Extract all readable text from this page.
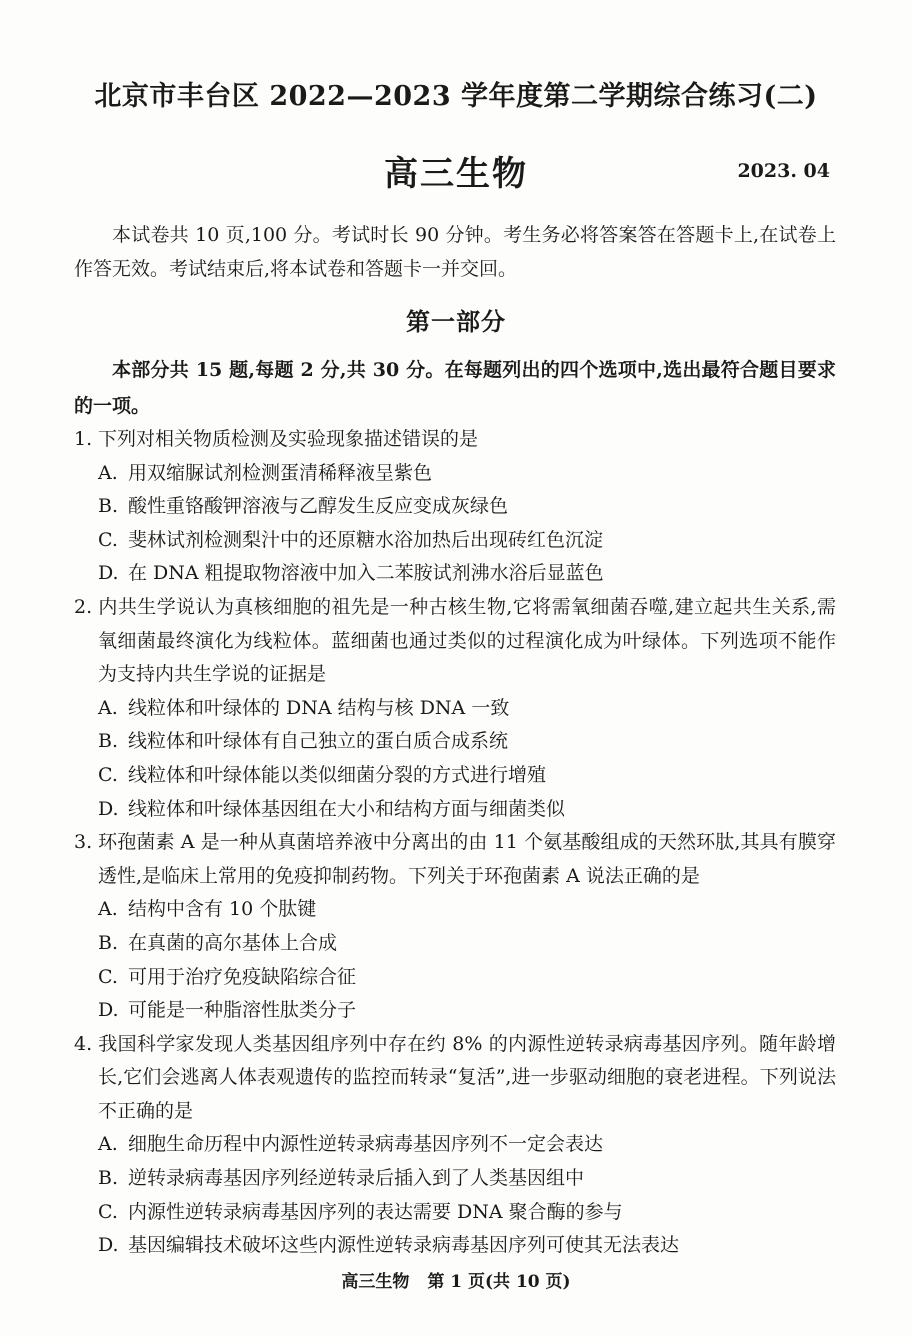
北京市丰台区 2022—2023 学年度第二学期综合练习(二)
高三生物	2023. 04
本试卷共 10 页,100 分。考试时长 90 分钟。考生务必将答案答在答题卡上,在试卷上作答无效。考试结束后,将本试卷和答题卡一并交回。
第一部分
本部分共 15 题,每题 2 分,共 30 分。在每题列出的四个选项中,选出最符合题目要求的一项。
1. 下列对相关物质检测及实验现象描述错误的是
A. 用双缩脲试剂检测蛋清稀释液呈紫色
B. 酸性重铬酸钾溶液与乙醇发生反应变成灰绿色
C. 斐林试剂检测梨汁中的还原糖水浴加热后出现砖红色沉淀
D. 在 DNA 粗提取物溶液中加入二苯胺试剂沸水浴后显蓝色
2. 内共生学说认为真核细胞的祖先是一种古核生物,它将需氧细菌吞噬,建立起共生关系,需氧细菌最终演化为线粒体。蓝细菌也通过类似的过程演化成为叶绿体。下列选项不能作为支持内共生学说的证据是
A. 线粒体和叶绿体的 DNA 结构与核 DNA 一致
B. 线粒体和叶绿体有自己独立的蛋白质合成系统
C. 线粒体和叶绿体能以类似细菌分裂的方式进行增殖
D. 线粒体和叶绿体基因组在大小和结构方面与细菌类似
3. 环孢菌素 A 是一种从真菌培养液中分离出的由 11 个氨基酸组成的天然环肽,其具有膜穿透性,是临床上常用的免疫抑制药物。下列关于环孢菌素 A 说法正确的是
A. 结构中含有 10 个肽键
B. 在真菌的高尔基体上合成
C. 可用于治疗免疫缺陷综合征
D. 可能是一种脂溶性肽类分子
4. 我国科学家发现人类基因组序列中存在约 8% 的内源性逆转录病毒基因序列。随年龄增长,它们会逃离人体表观遗传的监控而转录“复活”,进一步驱动细胞的衰老进程。下列说法不正确的是
A. 细胞生命历程中内源性逆转录病毒基因序列不一定会表达
B. 逆转录病毒基因序列经逆转录后插入到了人类基因组中
C. 内源性逆转录病毒基因序列的表达需要 DNA 聚合酶的参与
D. 基因编辑技术破坏这些内源性逆转录病毒基因序列可使其无法表达
高三生物 第 1 页(共 10 页)
